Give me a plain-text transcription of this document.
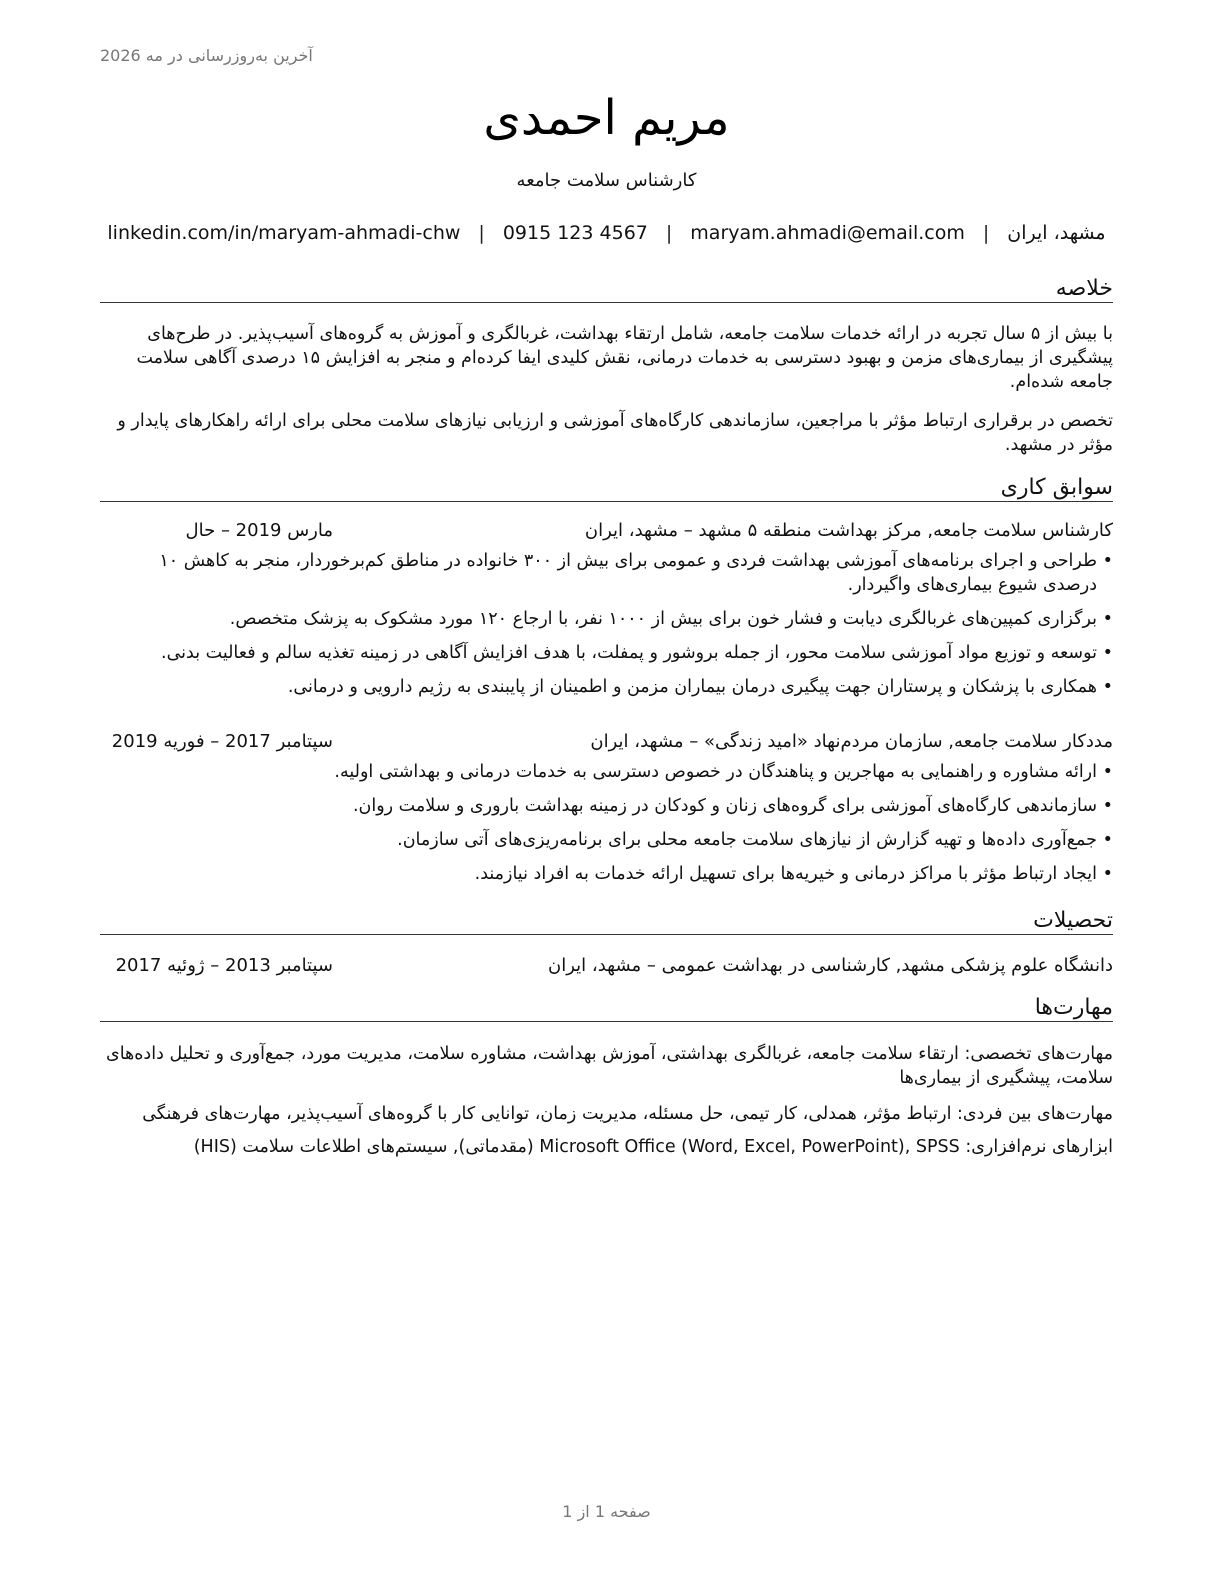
آخرین به‌روزرسانی در مه 2026
مریم احمدی
کارشناس سلامت جامعه
مشهد، ایران
|
maryam.ahmadi@email.com
|
0915 123 4567
|
linkedin.com/in/maryam-ahmadi-chw
خلاصه

با بیش از ۵ سال تجربه در ارائه خدمات سلامت جامعه، شامل ارتقاء بهداشت، غربالگری و آموزش به گروه‌های آسیب‌پذیر. در طرح‌های پیشگیری از بیماری‌های مزمن و بهبود دسترسی به خدمات درمانی، نقش کلیدی ایفا کرده‌ام و منجر به افزایش ۱۵ درصدی آگاهی سلامت جامعه شده‌ام.

تخصص در برقراری ارتباط مؤثر با مراجعین، سازماندهی کارگاه‌های آموزشی و ارزیابی نیازهای سلامت محلی برای ارائه راهکارهای پایدار و مؤثر در مشهد.

سوابق کاری
کارشناس سلامت جامعه, مرکز بهداشت منطقه ۵ مشهد – مشهد، ایران
مارس 2019 – حال
• طراحی و اجرای برنامه‌های آموزشی بهداشت فردی و عمومی برای بیش از ۳۰۰ خانواده در مناطق کم‌برخوردار، منجر به کاهش ۱۰ درصدی شیوع بیماری‌های واگیردار.
• برگزاری کمپین‌های غربالگری دیابت و فشار خون برای بیش از ۱۰۰۰ نفر، با ارجاع ۱۲۰ مورد مشکوک به پزشک متخصص.
• توسعه و توزیع مواد آموزشی سلامت محور، از جمله بروشور و پمفلت، با هدف افزایش آگاهی در زمینه تغذیه سالم و فعالیت بدنی.
• همکاری با پزشکان و پرستاران جهت پیگیری درمان بیماران مزمن و اطمینان از پایبندی به رژیم دارویی و درمانی.
مددکار سلامت جامعه, سازمان مردم‌نهاد «امید زندگی» – مشهد، ایران
سپتامبر 2017 – فوریه 2019
• ارائه مشاوره و راهنمایی به مهاجرین و پناهندگان در خصوص دسترسی به خدمات درمانی و بهداشتی اولیه.
• سازماندهی کارگاه‌های آموزشی برای گروه‌های زنان و کودکان در زمینه بهداشت باروری و سلامت روان.
• جمع‌آوری داده‌ها و تهیه گزارش از نیازهای سلامت جامعه محلی برای برنامه‌ریزی‌های آتی سازمان.
• ایجاد ارتباط مؤثر با مراکز درمانی و خیریه‌ها برای تسهیل ارائه خدمات به افراد نیازمند.
تحصیلات
دانشگاه علوم پزشکی مشهد, کارشناسی در بهداشت عمومی – مشهد، ایران
سپتامبر 2013 – ژوئیه 2017
مهارت‌ها

مهارت‌های تخصصی: ارتقاء سلامت جامعه، غربالگری بهداشتی، آموزش بهداشت، مشاوره سلامت، مدیریت مورد، جمع‌آوری و تحلیل داده‌های سلامت، پیشگیری از بیماری‌ها

مهارت‌های بین فردی: ارتباط مؤثر، همدلی، کار تیمی، حل مسئله، مدیریت زمان، توانایی کار با گروه‌های آسیب‌پذیر، مهارت‌های فرهنگی

ابزارهای نرم‌افزاری: Microsoft Office (Word, Excel, PowerPoint), SPSS (مقدماتی), سیستم‌های اطلاعات سلامت (HIS)

صفحه 1 از 1
